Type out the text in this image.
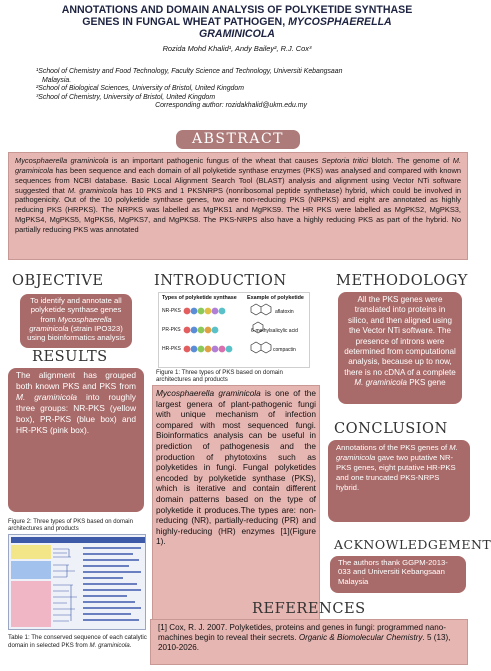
ANNOTATIONS AND DOMAIN ANALYSIS OF POLYKETIDE SYNTHASE
GENES IN FUNGAL WHEAT PATHOGEN, MYCOSPHAERELLA
GRAMINICOLA
Rozida Mohd Khalid¹, Andy Bailey², R.J. Cox³
¹School of Chemistry and Food Technology, Faculty Science and Technology, Universiti Kebangsaan
Malaysia.
²School of Biological Sciences, University of Bristol, United Kingdom
³School of Chemistry, University of Bristol, United Kingdom
Corresponding author: rozidakhalid@ukm.edu.my
ABSTRACT
Mycosphaerella graminicola is an important pathogenic fungus of the wheat that causes Septoria tritici blotch. The genome of M. graminicola has been sequence and each domain of all polyketide synthase enzymes (PKS) was analysed and compared with known sequences from NCBI database. Basic Local Alignment Search Tool (BLAST) analysis and alignment using Vector NTi software suggested that M. graminicola has 10 PKS and 1 PKSNRPS (nonribosomal peptide synthetase) hybrid, which could be involved in pathogenicity. Out of the 10 polyketide synthase genes, two are non-reducing PKS (NRPKS) and eight are annotated as highly reducing PKS (HRPKS). The NRPKS was labelled as MgPKS1 and MgPKS9. The HR PKS were labelled as MgPKS2, MgPKS3, MgPKS4, MgPKS5, MgPKS6, MgPKS7, and MgPKS8. The PKS-NRPS also have a highly reducing PKS as part of the hybrid. No partially reducing PKS was annotated
OBJECTIVE
To identify and annotate all polyketide synthase genes from Mycosphaerella graminicola (strain IPO323) using bioinformatics analysis
RESULTS
The alignment has grouped both known PKS and PKS from M. graminicola into roughly three groups: NR-PKS (yellow box), PR-PKS (blue box) and HR-PKS (pink box).
Figure 2: Three types of PKS based on domain architectures and products
Table 1: The conserved sequence of each catalytic domain in selected PKS from M. graminicola.
INTRODUCTION
Types of polyketide synthase Example of polyketide
NR-PKS
PR-PKS
HR-PKS
aflatoxin
6-methylsalicylic acid
compactin
Figure 1: Three types of PKS based on domain architectures and products
Mycosphaerella graminicola is one of the largest genera of plant-pathogenic fungi with unique mechanism of infection compared with most sequenced fungi. Bioinformatics analysis can be useful in prediction of pathogenesis and the production of phytotoxins such as polyketides in fungi. Fungal polyketides encoded by polyketide synthase (PKS), which is iterative and contain different domain patterns based on the type of polyketide it produces.The types are: non-reducing (NR), partially-reducing (PR) and highly-reducing (HR) enzymes [1](Figure 1).
METHODOLOGY
All the PKS genes were translated into proteins in silico, and then aligned using the Vector NTi software. The presence of introns were determined from computational analysis, because up to now, there is no cDNA of a complete M. graminicola PKS gene
CONCLUSION
Annotations of the PKS genes of M. graminicola gave two putative NR-PKS genes, eight putative HR-PKS and one truncated PKS-NRPS hybrid.
ACKNOWLEDGEMENT
The authors thank GGPM-2013-033 and Universiti Kebangsaan Malaysia
REFERENCES
[1] Cox, R. J. 2007. Polyketides, proteins and genes in fungi: programmed nano-machines begin to reveal their secrets. Organic & Biomolecular Chemistry. 5 (13), 2010-2026.
